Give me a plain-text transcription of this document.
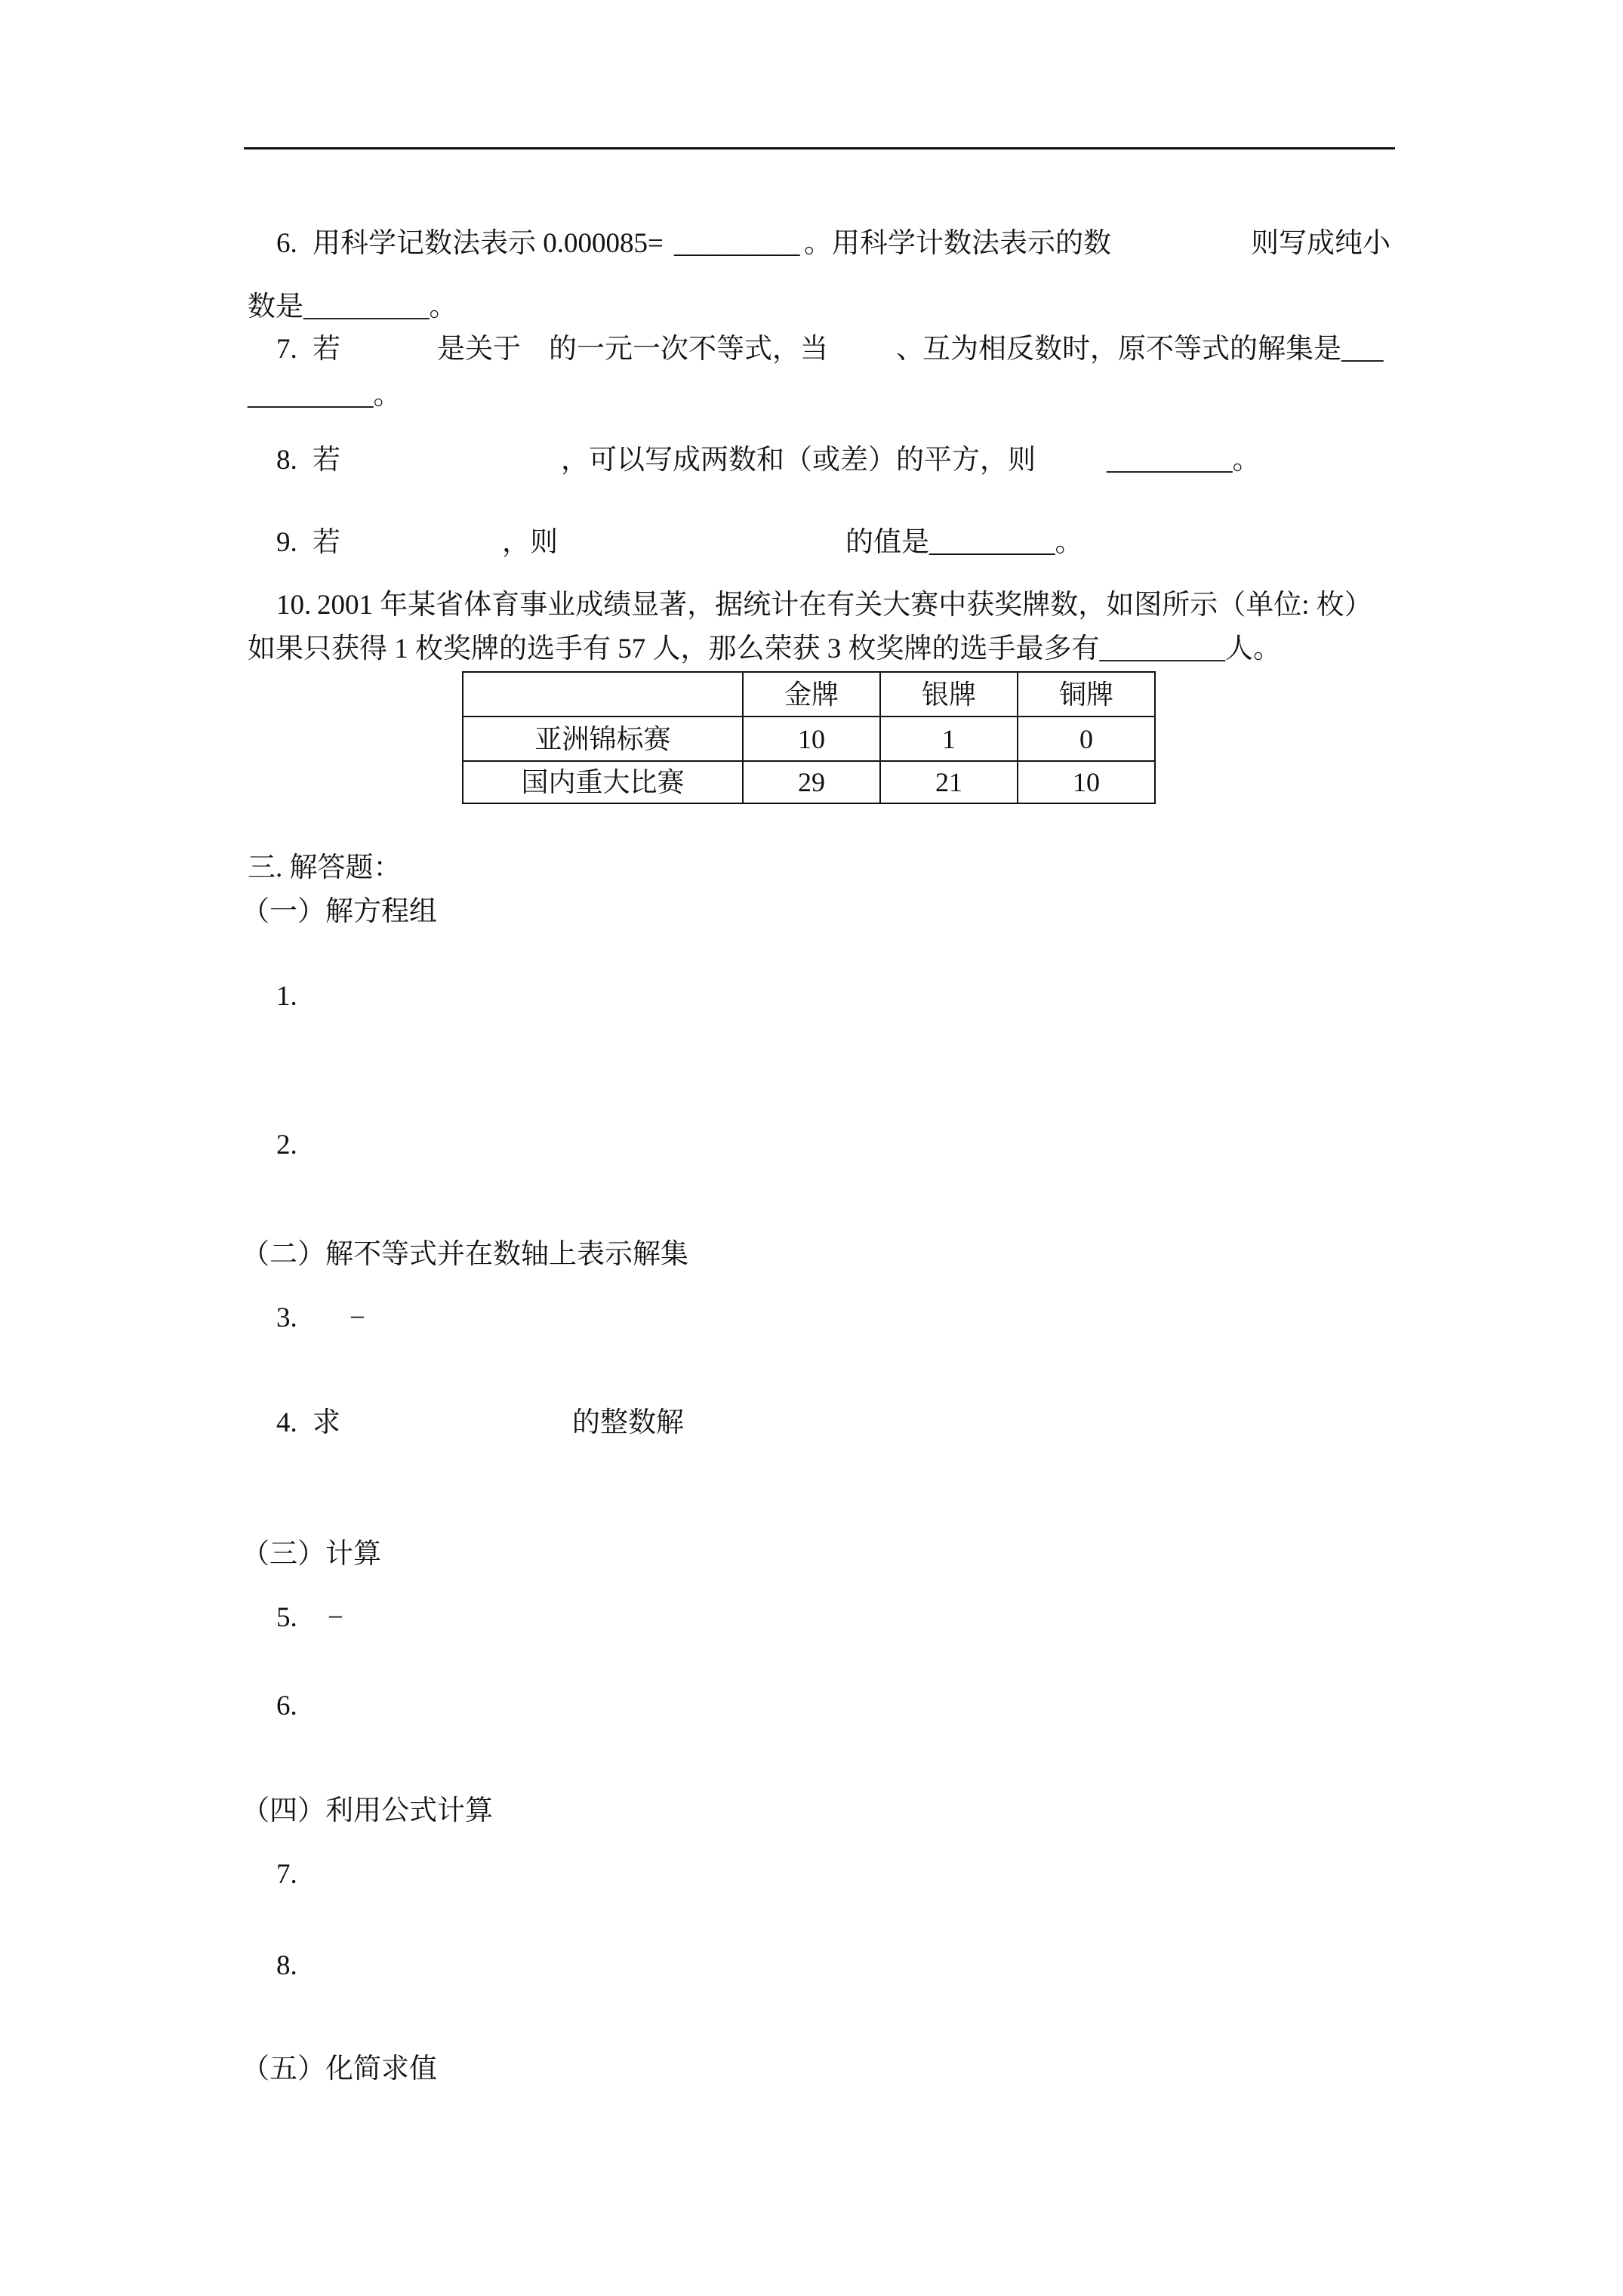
6. 用科学记数法表示 0.000085= _________ 。用科学计数法表示的数	则写成纯小
数是_________。
7. 若	是关于 的一元一次不等式，当 、
互为相反数时，原不等式的解集是___
_________。
8. 若	，可以写成两数和（或差）的平方，则	_________。
9. 若	，则	的值是_________。
10. 2001 年某省体育事业成绩显著，据统计在有关大赛中获奖牌数，如图所示（单位: 枚）
如果只获得 1 枚奖牌的选手有 57 人，那么荣获 3 枚奖牌的选手最多有_________人。
	金牌	银牌	铜牌
亚洲锦标赛	10	1	0
国内重大比赛	29	21	10
三. 解答题：
（一）解方程组
1.
2.
（二）解不等式并在数轴上表示解集
3. −
4. 求	的整数解
（三）计算
5. −
6.
（四）利用公式计算
7.
8.
（五）化简求值
